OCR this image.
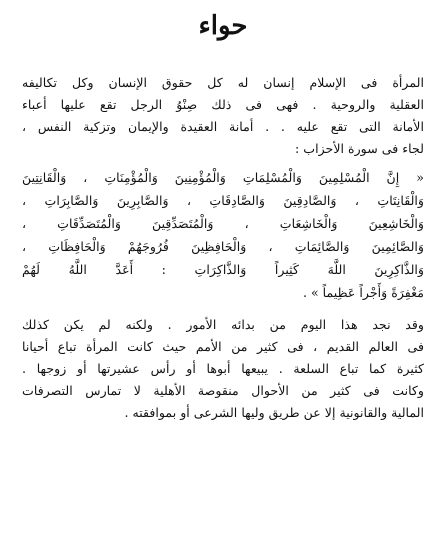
حواء

المرأة فى الإسلام إنسان له كل حقوق الإنسان وكل تكاليفه
العقلية والروحية . فهى فى ذلك صِنْوُ الرجل تقع عليها أعباء
الأمانة التى تقع عليه . . أمانة العقيدة والإيمان وتزكية النفس ،
لجاء فى سورة الأحزاب :

« إِنَّ الْمُسْلِمِينَ وَالْمُسْلِمَاتِ وَالْمُؤْمِنِينَ وَالْمُؤْمِنَاتِ ، وَالْقَانِتِينَ
وَالْقَانِتَاتِ ، وَالصَّادِقِينَ وَالصَّادِقَاتِ ، وَالصَّابِرِينَ وَالصَّابِرَاتِ ،
وَالْخَاشِعِينَ وَالْخَاشِعَاتِ ، وَالْمُتَصَدِّقِينَ وَالْمُتَصَدِّقَاتِ ،
وَالصَّائِمِينَ وَالصَّائِمَاتِ ، وَالْحَافِظِينَ فُرُوجَهُمْ وَالْحَافِظَاتِ ،
وَالذَّاكِرِينَ اللَّهَ كَثِيراً وَالذَّاكِرَاتِ : أَعَدَّ اللَّهُ لَهُمْ
مَغْفِرَةً وَأَجْراً عَظِيماً » .

وقد نجد هذا اليوم من بدائه الأمور . ولكنه لم يكن كذلك
فى العالم القديم ، فى كثير من الأمم حيث كانت المرأة تباع أحيانا
كثيرة كما تباع السلعة . يبيعها أبوها أو رأس عشيرتها أو زوجها .
وكانت فى كثير من الأحوال منقوصة الأهلية لا تمارس التصرفات
المالية والقانونية إلا عن طريق وليها الشرعى أو بموافقته .
